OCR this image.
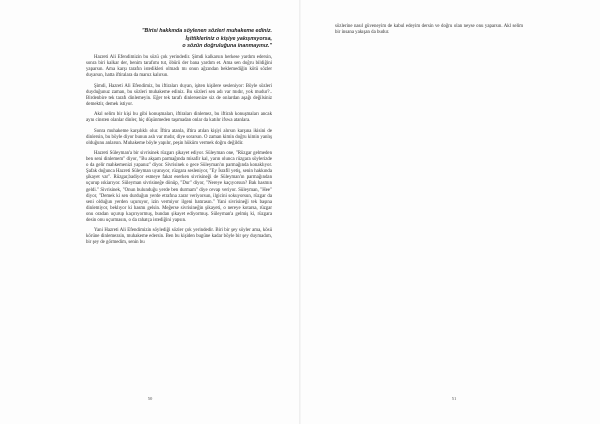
"Birisi hakkında söylenen sözleri muhakeme ediniz.
İşittikleriniz o kişiye yakışmıyorsa,
o sözün doğruluğuna inanmayınız."

Hazreti Ali Efendimizin bu sözü çok yerindedir. Şimdi kalkarsın herkese yardım edersin, sonra biri kalkar der, benim tarafımı tut, öbürü der bana yardım et. Ama sen doğru bildiğini yaparsın. Ama karşı tarafın istedikleri olmadı mı onun ağzından beklemediğin kötü sözler duyarsın, hatta iftiralara da maruz kalırsın.

Şimdi, Hazreti Ali Efendimiz, bu iftiraları duyan, işiten kişilere sesleniyor: Böyle sözleri duyduğunuz zaman, bu sözleri muhakeme ediniz. Bu sözleri sen adı var mıdır, yok mudur?.. Birdenbire tek tarafı dinlemeyin. Eğer tek tarafı dinlersenize siz de onlardan aşağı değilsiniz demektir, demek istiyor.

Akıl selim bir kişi bu gibi konuşmaları, iftiraları dinlemez, bu iftirah konuşmaları ancak aynı cinsten olanlar dinler, hiç düşünmeden taşımadan onlar da katılır ifswa atanlara.

Sonra muhakeme karşılıklı olur. İftira atanla, iftira atılan kişiyi alırsın karşına ikisini de dinlersin, bu böyle diyor bunun aslı var mıdır, diye sorarsın. O zaman kimin doğru kimin yanlış olduğunu anlarsın. Muhakeme böyle yapılır, peşin hüküm vermek doğru değildir.

Hazreti Süleyman'a bir sivrisinek rüzgarı şikayet ediyor. Süleyman one, "Rüzgar gelmeden ben seni dinlemem" diyor, "Bu akşam parmağında misafir kal, yarın olunca rüzgara söylerizde o da gelir mahkemenizi yapanız" diyor. Sivrisinek o gece Süleyman'ın parmağında konaklıyor. Şafak doğunca Hazreti Süleyman uyanıyor, rüzgara sesleniyor, "Ey İsrafil yetiş, senin hakkında şikayet var". Rüzgar,badiyor esmeye fakat eserken sivrisineği de Süleyman'ın parmağından uçurup ıskiarıyor. Süleyman sivrisineğe dönüp, "Dur" diyor, "Nereye kaçıyorsun? Bak hasmın geldi." Sivrisinek, "Onun bulunduğu yerde ben durmam" diye cevap veriyor. Süleyman, "Hee" diyor, "Demek ki sen durduğun yerde etrafına zarar veriyorsun, ilgicini sokuyorsun, rüzgar da seni olduğun yerden uçuruyor, izin vermiyor ilgeni batırasın." Yani sivrisineği tek başına dinlemiyor, beklıyor ki hasmı gelsin. Meğerse sivrisineğin şikayeti, o nereye kotarsa, rüzgar onu oradan uçurup kaçırıyormuş, bundan şikayet ediyormuş. Süleyman'a gelmiş ki, rüzgara desin onu uçurmasın, o da rahatça istediğini yapsın.

Yani Hazreti Ali Efendimizin söylediği sözler çok yerindedir. Biri bir şey söyler ama, kösü körüne dinlemezsin, muhakeme edersin. Ben bu kişiden bugüne kadar böyle bir şey duymadım, bir şey de görmedim, senin bu

50

sözlerine nasıl güveneyim de kabul edeyim dersin ve doğru olan neyse onu yaparsın. Akl selim bir insana yakışan da budur.

51
